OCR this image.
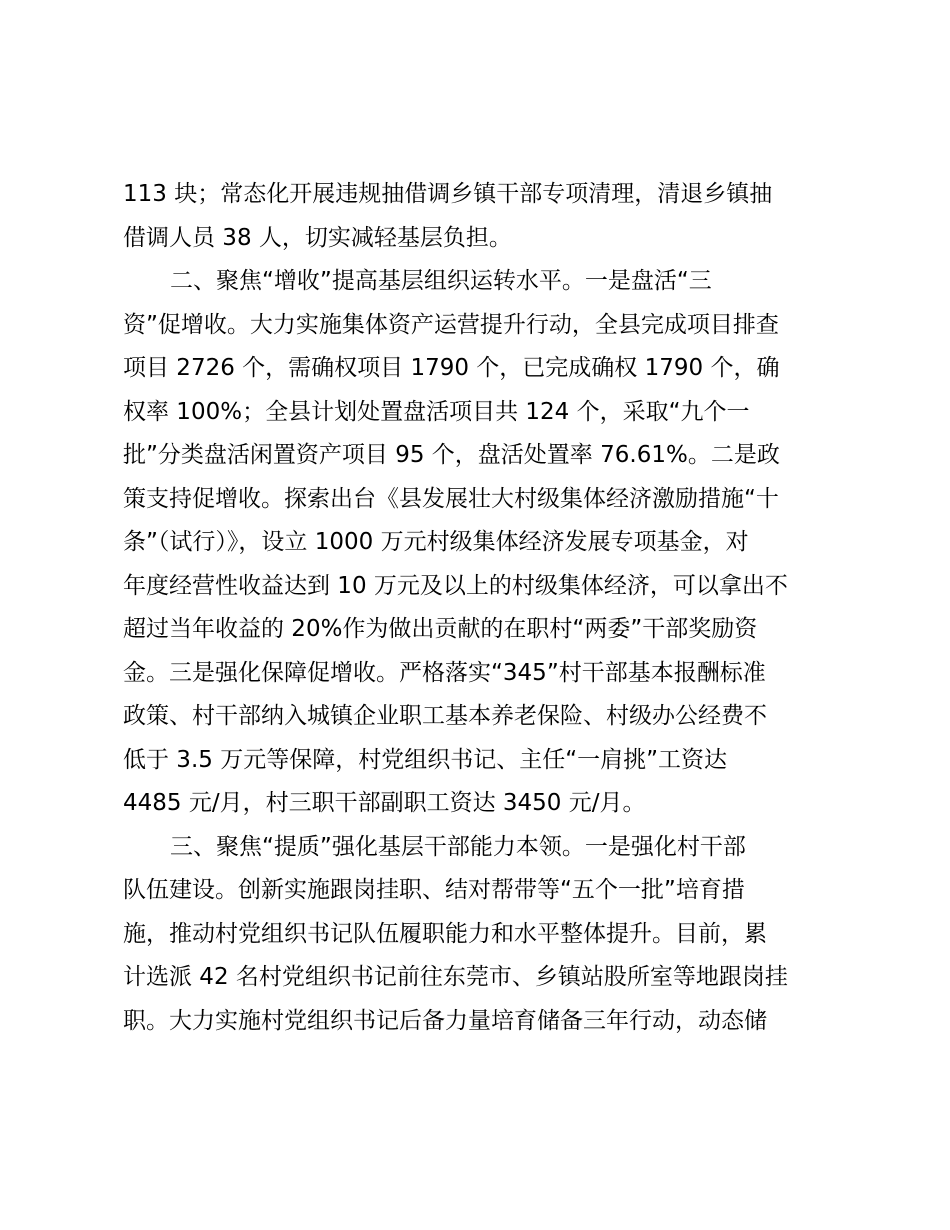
113 块；常态化开展违规抽借调乡镇干部专项清理，清退乡镇抽
借调人员 38 人，切实减轻基层负担。
二、聚焦“增收”提高基层组织运转水平。一是盘活“三
资”促增收。大力实施集体资产运营提升行动，全县完成项目排查
项目 2726 个，需确权项目 1790 个，已完成确权 1790 个，确
权率 100%；全县计划处置盘活项目共 124 个，采取“九个一
批”分类盘活闲置资产项目 95 个，盘活处置率 76.61%。二是政
策支持促增收。探索出台《县发展壮大村级集体经济激励措施“十
条”（试行）》，设立 1000 万元村级集体经济发展专项基金，对
年度经营性收益达到 10 万元及以上的村级集体经济，可以拿出不
超过当年收益的 20%作为做出贡献的在职村“两委”干部奖励资
金。三是强化保障促增收。严格落实“345”村干部基本报酬标准
政策、村干部纳入城镇企业职工基本养老保险、村级办公经费不
低于 3.5 万元等保障，村党组织书记、主任“一肩挑”工资达
4485 元/月，村三职干部副职工资达 3450 元/月。
三、聚焦“提质”强化基层干部能力本领。一是强化村干部
队伍建设。创新实施跟岗挂职、结对帮带等“五个一批”培育措
施，推动村党组织书记队伍履职能力和水平整体提升。目前，累
计选派 42 名村党组织书记前往东莞市、乡镇站股所室等地跟岗挂
职。大力实施村党组织书记后备力量培育储备三年行动，动态储
